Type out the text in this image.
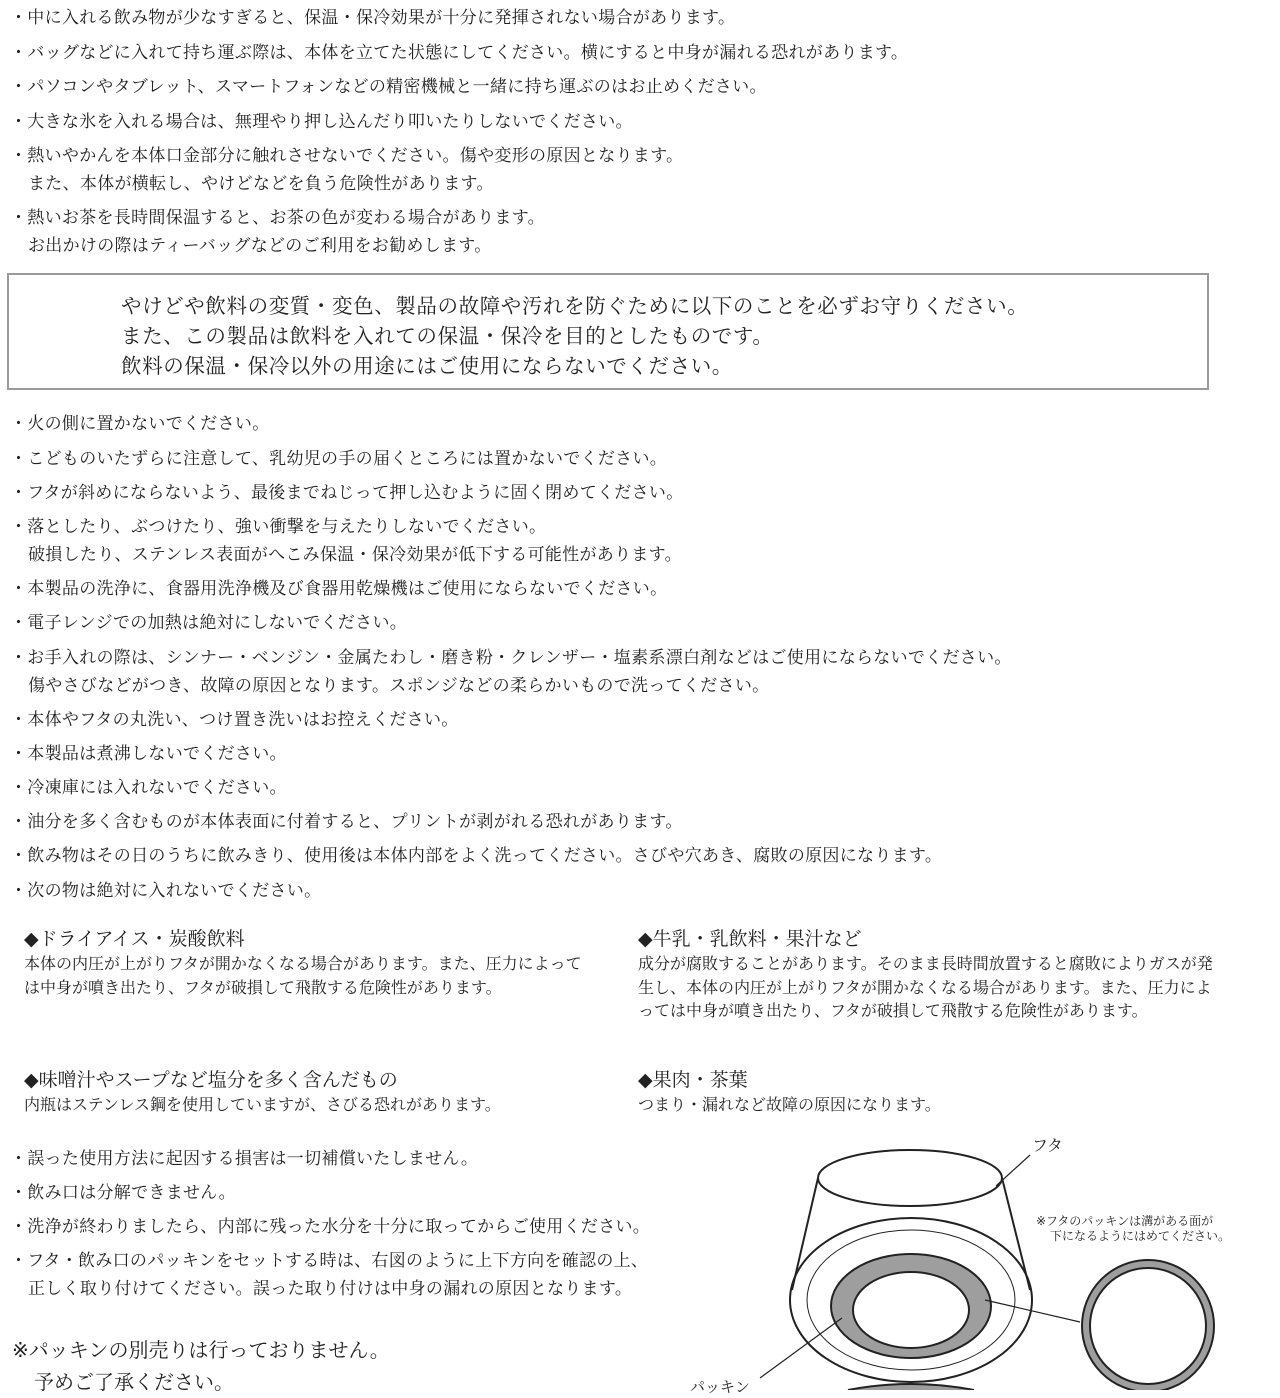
・中に入れる飲み物が少なすぎると、保温・保冷効果が十分に発揮されない場合があります。
・バッグなどに入れて持ち運ぶ際は、本体を立てた状態にしてください。横にすると中身が漏れる恐れがあります。
・パソコンやタブレット、スマートフォンなどの精密機械と一緒に持ち運ぶのはお止めください。
・大きな氷を入れる場合は、無理やり押し込んだり叩いたりしないでください。
・熱いやかんを本体口金部分に触れさせないでください。傷や変形の原因となります。
また、本体が横転し、やけどなどを負う危険性があります。
・熱いお茶を長時間保温すると、お茶の色が変わる場合があります。
お出かけの際はティーバッグなどのご利用をお勧めします。
やけどや飲料の変質・変色、製品の故障や汚れを防ぐために以下のことを必ずお守りください。
また、この製品は飲料を入れての保温・保冷を目的としたものです。
飲料の保温・保冷以外の用途にはご使用にならないでください。
・火の側に置かないでください。
・こどものいたずらに注意して、乳幼児の手の届くところには置かないでください。
・フタが斜めにならないよう、最後までねじって押し込むように固く閉めてください。
・落としたり、ぶつけたり、強い衝撃を与えたりしないでください。
破損したり、ステンレス表面がへこみ保温・保冷効果が低下する可能性があります。
・本製品の洗浄に、食器用洗浄機及び食器用乾燥機はご使用にならないでください。
・電子レンジでの加熱は絶対にしないでください。
・お手入れの際は、シンナー・ベンジン・金属たわし・磨き粉・クレンザー・塩素系漂白剤などはご使用にならないでください。
傷やさびなどがつき、故障の原因となります。スポンジなどの柔らかいもので洗ってください。
・本体やフタの丸洗い、つけ置き洗いはお控えください。
・本製品は煮沸しないでください。
・冷凍庫には入れないでください。
・油分を多く含むものが本体表面に付着すると、プリントが剥がれる恐れがあります。
・飲み物はその日のうちに飲みきり、使用後は本体内部をよく洗ってください。さびや穴あき、腐敗の原因になります。
・次の物は絶対に入れないでください。
◆ドライアイス・炭酸飲料
本体の内圧が上がりフタが開かなくなる場合があります。また、圧力によっては中身が噴き出たり、フタが破損して飛散する危険性があります。
◆牛乳・乳飲料・果汁など
成分が腐敗することがあります。そのまま長時間放置すると腐敗によりガスが発生し、本体の内圧が上がりフタが開かなくなる場合があります。また、圧力によっては中身が噴き出たり、フタが破損して飛散する危険性があります。
◆味噌汁やスープなど塩分を多く含んだもの
内瓶はステンレス鋼を使用していますが、さびる恐れがあります。
◆果肉・茶葉
つまり・漏れなど故障の原因になります。
・誤った使用方法に起因する損害は一切補償いたしません。
・飲み口は分解できません。
・洗浄が終わりましたら、内部に残った水分を十分に取ってからご使用ください。
・フタ・飲み口のパッキンをセットする時は、右図のように上下方向を確認の上、
正しく取り付けてください。誤った取り付けは中身の漏れの原因となります。
※パッキンの別売りは行っておりません。
予めご了承ください。
フタ
パッキン
※フタのパッキンは溝がある面が
下になるようにはめてください。
